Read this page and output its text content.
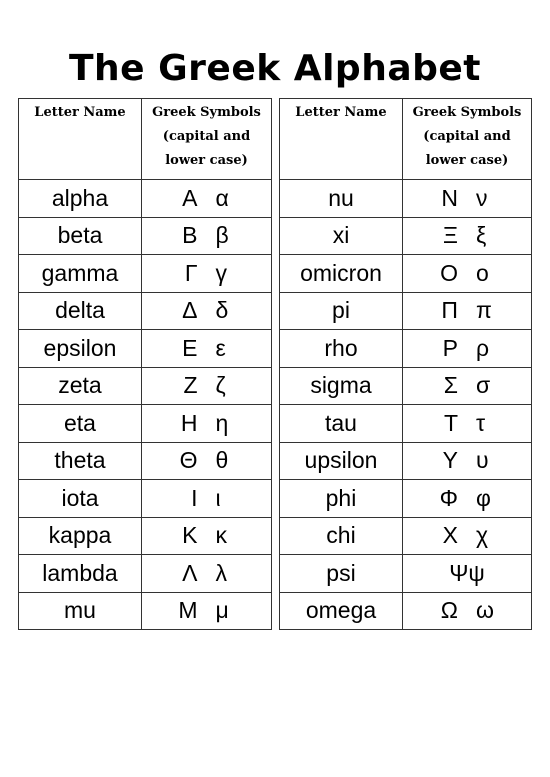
The Greek Alphabet
Letter Name	Greek Symbols
(capital and
lower case)
alpha	Α α
beta	Β β
gamma	Γ γ
delta	Δ δ
epsilon	Ε ε
zeta	Ζ ζ
eta	Η η
theta	Θ θ
iota	Ι ι
kappa	Κ κ
lambda	Λ λ
mu	Μ μ
Letter Name	Greek Symbols
(capital and
lower case)
nu	Ν ν
xi	Ξ ξ
omicron	Ο ο
pi	Π π
rho	Ρ ρ
sigma	Σ σ
tau	Τ τ
upsilon	Υ υ
phi	Φ φ
chi	Χ χ
psi	Ψψ
omega	Ω ω
